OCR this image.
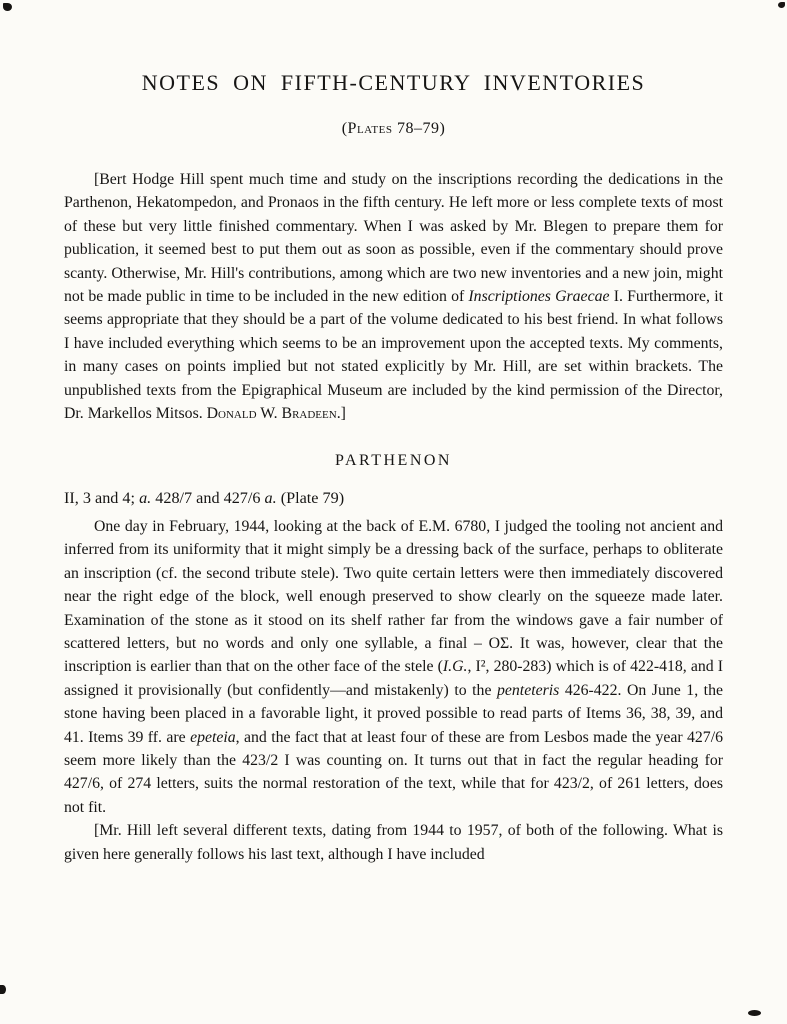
NOTES ON FIFTH-CENTURY INVENTORIES
(Plates 78–79)

[Bert Hodge Hill spent much time and study on the inscriptions recording the dedications in the Parthenon, Hekatompedon, and Pronaos in the fifth century. He left more or less complete texts of most of these but very little finished commentary. When I was asked by Mr. Blegen to prepare them for publication, it seemed best to put them out as soon as possible, even if the commentary should prove scanty. Otherwise, Mr. Hill's contributions, among which are two new inventories and a new join, might not be made public in time to be included in the new edition of Inscriptiones Graecae I. Furthermore, it seems appropriate that they should be a part of the volume dedicated to his best friend. In what follows I have included everything which seems to be an improvement upon the accepted texts. My comments, in many cases on points implied but not stated explicitly by Mr. Hill, are set within brackets. The unpublished texts from the Epigraphical Museum are included by the kind permission of the Director, Dr. Markellos Mitsos. Donald W. Bradeen.]

PARTHENON

II, 3 and 4; a. 428/7 and 427/6 a. (Plate 79)

One day in February, 1944, looking at the back of E.M. 6780, I judged the tooling not ancient and inferred from its uniformity that it might simply be a dressing back of the surface, perhaps to obliterate an inscription (cf. the second tribute stele). Two quite certain letters were then immediately discovered near the right edge of the block, well enough preserved to show clearly on the squeeze made later. Examination of the stone as it stood on its shelf rather far from the windows gave a fair number of scattered letters, but no words and only one syllable, a final – ΟΣ. It was, however, clear that the inscription is earlier than that on the other face of the stele (I.G., I², 280-283) which is of 422-418, and I assigned it provisionally (but confidently—and mistakenly) to the penteteris 426-422. On June 1, the stone having been placed in a favorable light, it proved possible to read parts of Items 36, 38, 39, and 41. Items 39 ff. are epeteia, and the fact that at least four of these are from Lesbos made the year 427/6 seem more likely than the 423/2 I was counting on. It turns out that in fact the regular heading for 427/6, of 274 letters, suits the normal restoration of the text, while that for 423/2, of 261 letters, does not fit.

[Mr. Hill left several different texts, dating from 1944 to 1957, of both of the following. What is given here generally follows his last text, although I have included
